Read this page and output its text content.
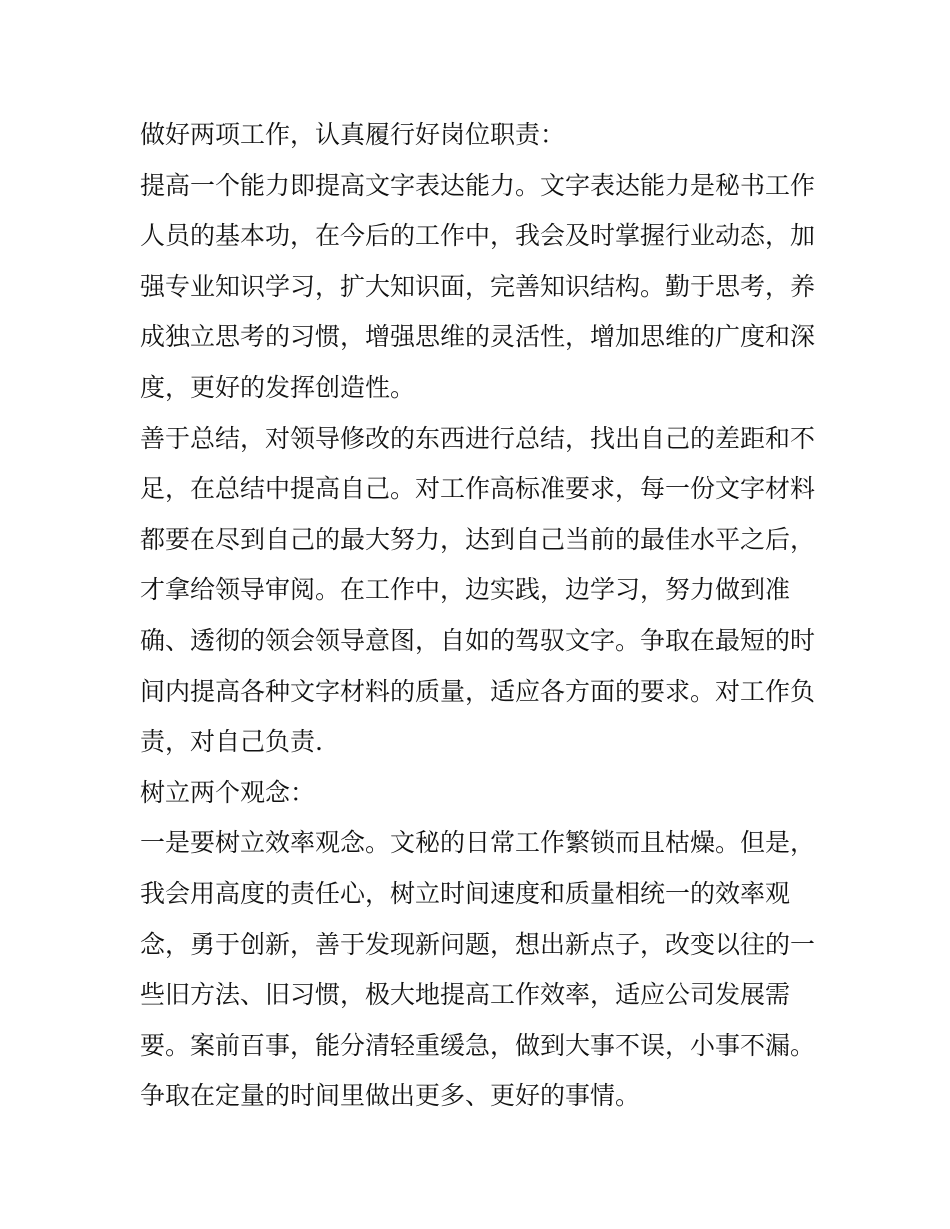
做好两项工作，认真履行好岗位职责：
提高一个能力即提高文字表达能力。文字表达能力是秘书工作
人员的基本功，在今后的工作中，我会及时掌握行业动态，加
强专业知识学习，扩大知识面，完善知识结构。勤于思考，养
成独立思考的习惯，增强思维的灵活性，增加思维的广度和深
度，更好的发挥创造性。
善于总结，对领导修改的东西进行总结，找出自己的差距和不
足，在总结中提高自己。对工作高标准要求，每一份文字材料
都要在尽到自己的最大努力，达到自己当前的最佳水平之后，
才拿给领导审阅。在工作中，边实践，边学习，努力做到准
确、透彻的领会领导意图，自如的驾驭文字。争取在最短的时
间内提高各种文字材料的质量，适应各方面的要求。对工作负
责，对自己负责.
树立两个观念：
一是要树立效率观念。文秘的日常工作繁锁而且枯燥。但是，
我会用高度的责任心，树立时间速度和质量相统一的效率观
念，勇于创新，善于发现新问题，想出新点子，改变以往的一
些旧方法、旧习惯，极大地提高工作效率，适应公司发展需
要。案前百事，能分清轻重缓急，做到大事不误，小事不漏。
争取在定量的时间里做出更多、更好的事情。
